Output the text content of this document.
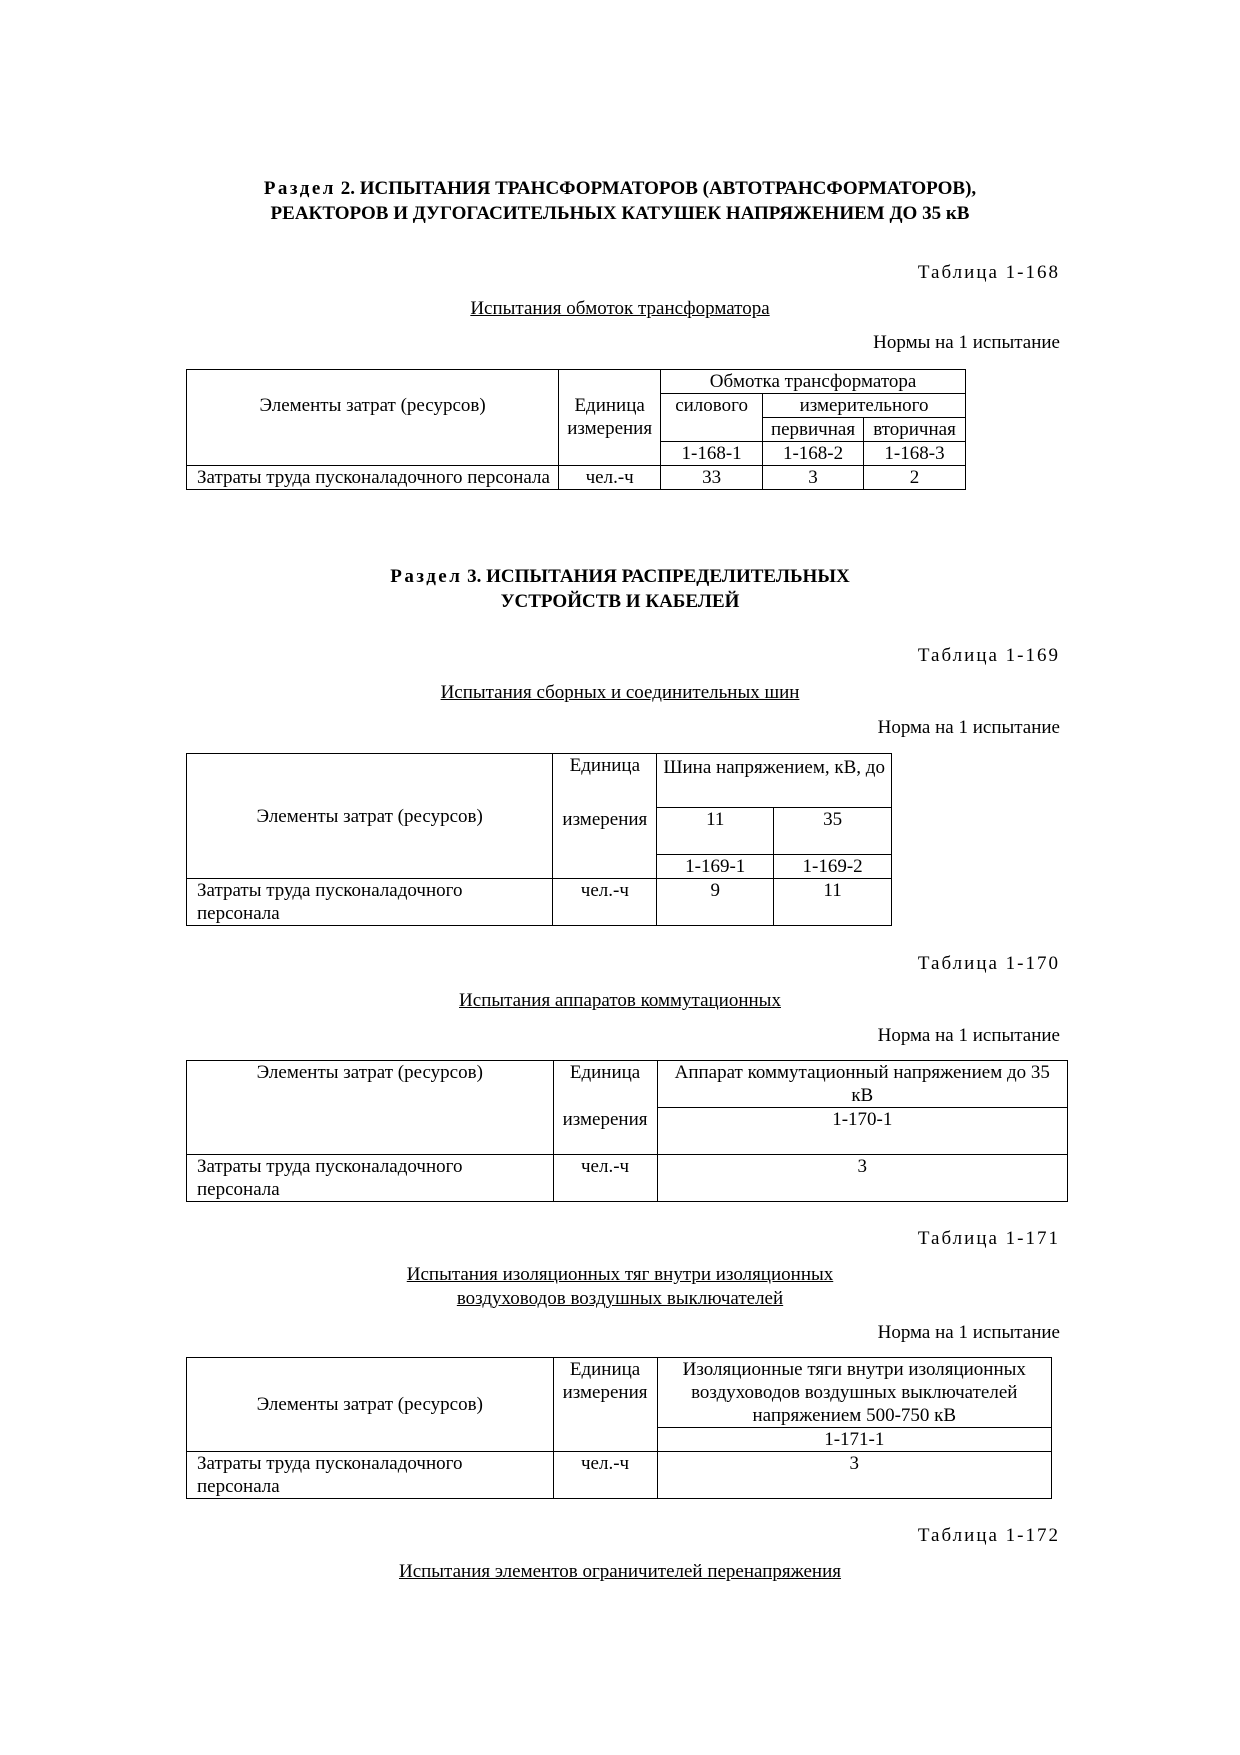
Раздел 2. ИСПЫТАНИЯ ТРАНСФОРМАТОРОВ (АВТОТРАНСФОРМАТОРОВ),
РЕАКТОРОВ И ДУГОГАСИТЕЛЬНЫХ КАТУШЕК НАПРЯЖЕНИЕМ ДО 35 кВ
Таблица 1-168
Испытания обмоток трансформатора
Нормы на 1 испытание
Элементы затрат (ресурсов)	Единица измерения	Обмотка трансформатора		
		силового	измерительного	
			первичная	вторичная
		1-168-1	1-168-2	1-168-3
Затраты труда пусконаладочного персонала	чел.-ч	33	3	2
Раздел 3. ИСПЫТАНИЯ РАСПРЕДЕЛИТЕЛЬНЫХ
УСТРОЙСТВ И КАБЕЛЕЙ
Таблица 1-169
Испытания сборных и соединительных шин
Норма на 1 испытание
Элементы затрат (ресурсов)	Единица	Шина напряжением, кВ, до	
	измерения	11	35
		1-169-1	1-169-2
Затраты труда пусконаладочного персонала	чел.-ч	9	11
Таблица 1-170
Испытания аппаратов коммутационных
Норма на 1 испытание
Элементы затрат (ресурсов)	Единица	Аппарат коммутационный напряжением до 35 кВ
	измерения	1-170-1
Затраты труда пусконаладочного персонала	чел.-ч	3
Таблица 1-171
Испытания изоляционных тяг внутри изоляционных
воздуховодов воздушных выключателей
Норма на 1 испытание
Элементы затрат (ресурсов)	Единица измерения	Изоляционные тяги внутри изоляционных воздуховодов воздушных выключателей напряжением 500-750 кВ
		1-171-1
Затраты труда пусконаладочного персонала	чел.-ч	3
Таблица 1-172
Испытания элементов ограничителей перенапряжения
